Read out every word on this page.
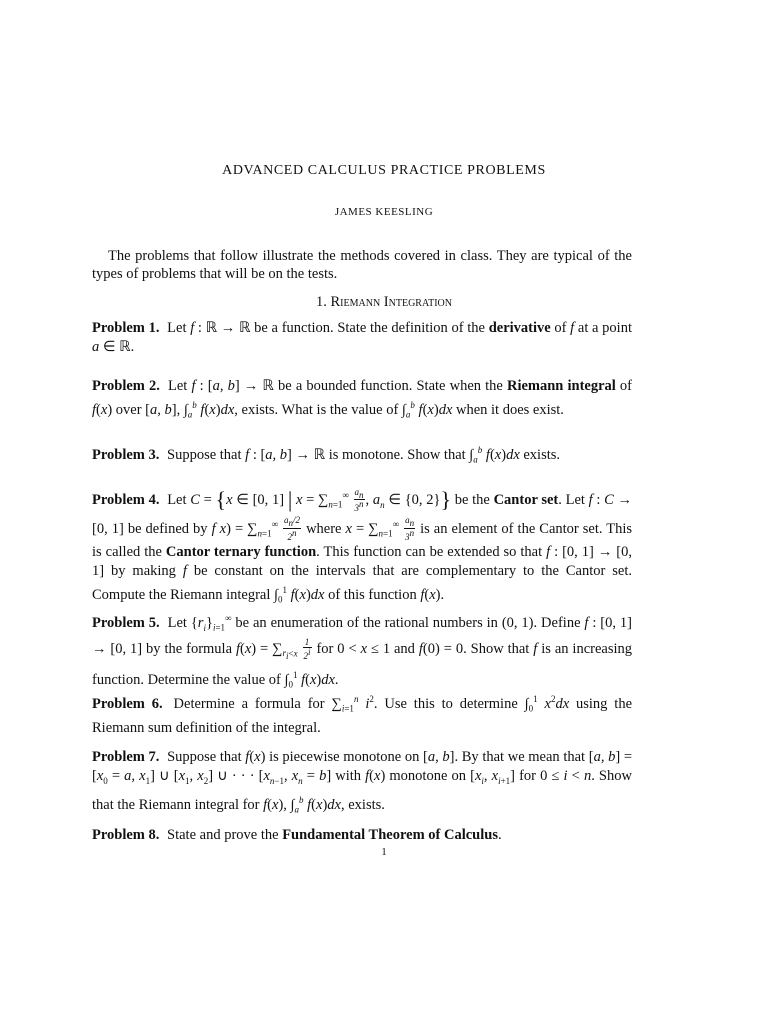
ADVANCED CALCULUS PRACTICE PROBLEMS
JAMES KEESLING
The problems that follow illustrate the methods covered in class. They are typical of the types of problems that will be on the tests.
1. Riemann Integration
Problem 1. Let f : ℝ → ℝ be a function. State the definition of the derivative of f at a point a ∈ ℝ.
Problem 2. Let f : [a, b] → ℝ be a bounded function. State when the Riemann integral of f(x) over [a, b], $\int_a^b$ f(x)dx, exists. What is the value of $\int_a^b$ f(x)dx when it does exist.
Problem 3. Suppose that f : [a, b] → ℝ is monotone. Show that $\int_a^b$ f(x)dx exists.
Problem 4. Let C = {x ∈ [0, 1] | $x = \sum_{n=1}^\infty \frac{a_n}{3^n}$ , $a_n$ ∈ {0, 2}} be the Cantor set. Let f : C → [0, 1] be defined by f $x) = \sum_{n=1}^\infty \frac{a_n/2}{2^n}$ where $x = \sum_{n=1}^\infty \frac{a_n}{3^n}$ is an element of the Cantor set. This is called the Cantor ternary function. This function can be extended so that f : [0, 1] → [0, 1] by making f be constant on the intervals that are complementary to the Cantor set. Compute the Riemann integral $\int_0^1$ f(x)dx of this function f(x).
Problem 5. Let $\{r_i\}_{i=1}^\infty$ be an enumeration of the rational numbers in (0, 1). Define f : [0, 1] → [0, 1] by the formula $f(x) = \sum_{r_i<x} \frac{1}{2^i}$ for 0 < x ≤ 1 and f(0) = 0. Show that f is an increasing function. Determine the value of $\int_0^1$ f(x)dx.
Problem 6. Determine a formula for $\sum_{i=1}^n$ $i^2$. Use this to determine $\int_0^1$ $x^2dx$ using the Riemann sum definition of the integral.
Problem 7. Suppose that f(x) is piecewise monotone on [a, b]. By that we mean that [a, $b] = [x_0 = a$, $x_1$] ∪ [$x_1$, $x_2$] ∪ · · · [$x_{n-1}$, $x_n = b$] with f(x) monotone on [$x_i$, $x_{i+1}$] for 0 ≤ i < n. Show that the Riemann integral for f(x), $\int_a^b$ f(x)dx, exists.
Problem 8. State and prove the Fundamental Theorem of Calculus.
1
